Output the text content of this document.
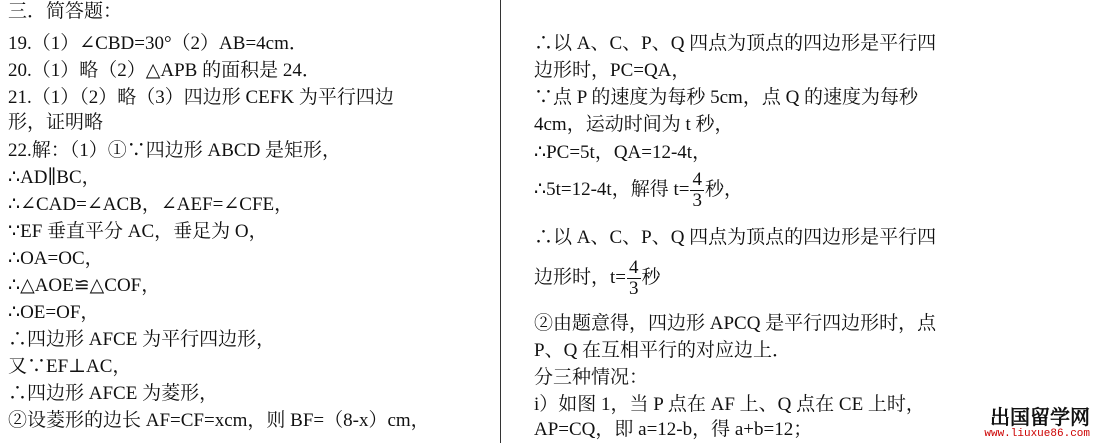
三．简答题：
19.（1）∠CBD=30°（2）AB=4cm．
20.（1）略（2）△APB 的面积是 24．
21.（1）（2）略（3）四边形 CEFK 为平行四边
形，证明略
22.解：（1）①∵四边形 ABCD 是矩形，
∴AD∥BC，
∴∠CAD=∠ACB，∠AEF=∠CFE，
∵EF 垂直平分 AC，垂足为 O，
∴OA=OC，
∴△AOE≌△COF，
∴OE=OF，
∴四边形 AFCE 为平行四边形，
又∵EF⊥AC，
∴四边形 AFCE 为菱形，
②设菱形的边长 AF=CF=xcm，则 BF=（8-x）cm，
∴以 A、C、P、Q 四点为顶点的四边形是平行四
边形时，PC=QA，
∵点 P 的速度为每秒 5cm，点 Q 的速度为每秒
4cm，运动时间为 t 秒，
∴PC=5t，QA=12-4t，
∴5t=12-4t，解得 $t= \frac{4}{3}$ 秒，
∴以 A、C、P、Q 四点为顶点的四边形是平行四
边形时，$t= \frac{4}{3}$ 秒
②由题意得，四边形 APCQ 是平行四边形时，点
P、Q 在互相平行的对应边上．
分三种情况：
i）如图 1，当 P 点在 AF 上、Q 点在 CE 上时，
AP=CQ，即 a=12-b，得 a+b=12；
出国留学网
www.liuxue86.com
